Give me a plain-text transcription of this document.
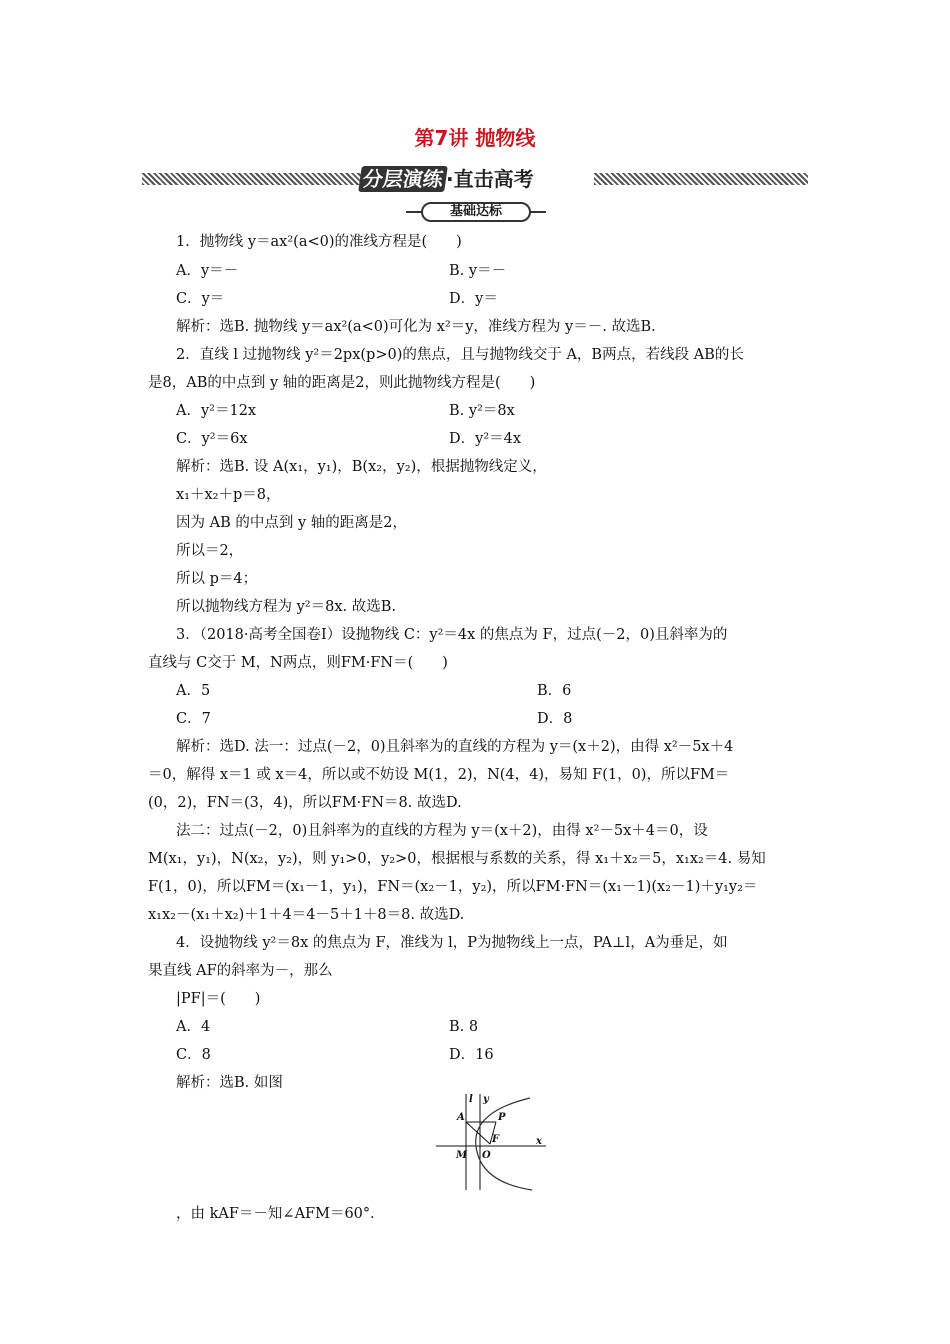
第7讲 抛物线
分层演练·直击高考
基础达标
1．抛物线 y＝ax²(a<0)的准线方程是(　　)
A．y＝－	B. y＝－
C．y＝	D．y＝
解析：选B. 抛物线 y＝ax²(a<0)可化为 x²＝y，准线方程为 y＝－. 故选B.
2．直线 l 过抛物线 y²＝2px(p>0)的焦点，且与抛物线交于 A，B两点，若线段 AB的长
是8，AB的中点到 y 轴的距离是2，则此抛物线方程是(　　)
A．y²＝12x	B. y²＝8x
C．y²＝6x	D．y²＝4x
解析：选B. 设 A(x₁，y₁)，B(x₂，y₂)，根据抛物线定义，
x₁＋x₂＋p＝8，
因为 AB 的中点到 y 轴的距离是2，
所以＝2，
所以 p＝4；
所以抛物线方程为 y²＝8x. 故选B.
3．（2018·高考全国卷Ⅰ）设抛物线 C：y²＝4x 的焦点为 F，过点(－2，0)且斜率为的
直线与 C交于 M，N两点，则FM·FN＝(　　)
A．5	B．6
C．7	D．8
解析：选D. 法一：过点(－2，0)且斜率为的直线的方程为 y＝(x＋2)，由得 x²－5x＋4
＝0，解得 x＝1 或 x＝4，所以或不妨设 M(1，2)，N(4，4)，易知 F(1，0)，所以FM＝
(0，2)，FN＝(3，4)，所以FM·FN＝8. 故选D.
法二：过点(－2，0)且斜率为的直线的方程为 y＝(x＋2)，由得 x²－5x＋4＝0，设
M(x₁，y₁)，N(x₂，y₂)，则 y₁>0，y₂>0，根据根与系数的关系，得 x₁＋x₂＝5，x₁x₂＝4. 易知
F(1，0)，所以FM＝(x₁－1，y₁)，FN＝(x₂－1，y₂)，所以FM·FN＝(x₁－1)(x₂－1)＋y₁y₂＝
x₁x₂－(x₁＋x₂)＋1＋4＝4－5＋1＋8＝8. 故选D.
4．设抛物线 y²＝8x 的焦点为 F，准线为 l，P为抛物线上一点，PA⊥l，A为垂足，如
果直线 AF的斜率为－，那么
|PF|＝(　　)
A．4	B. 8
C．8	D．16
解析：选B. 如图
，由 kAF＝－知∠AFM＝60°．
l y
A	P
F
M O
x
